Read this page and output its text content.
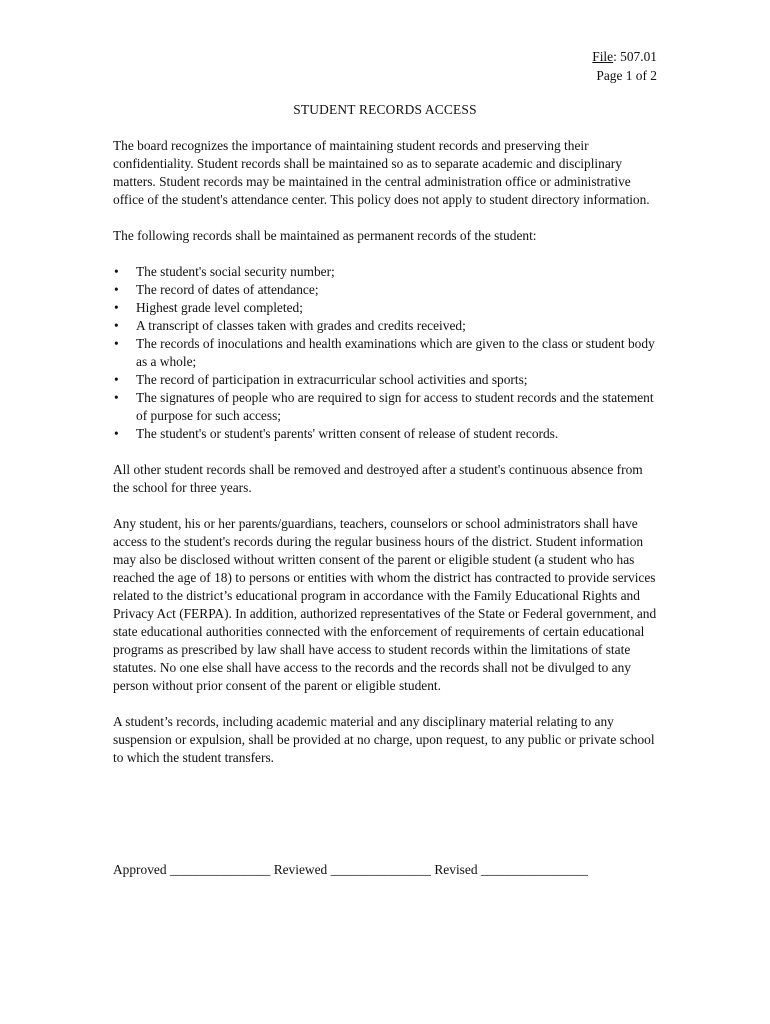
File: 507.01
Page 1 of 2
STUDENT RECORDS ACCESS

The board recognizes the importance of maintaining student records and preserving their confidentiality. Student records shall be maintained so as to separate academic and disciplinary matters. Student records may be maintained in the central administration office or administrative office of the student's attendance center. This policy does not apply to student directory information.

The following records shall be maintained as permanent records of the student:

• The student's social security number;
• The record of dates of attendance;
• Highest grade level completed;
• A transcript of classes taken with grades and credits received;
• The records of inoculations and health examinations which are given to the class or student body as a whole;
• The record of participation in extracurricular school activities and sports;
• The signatures of people who are required to sign for access to student records and the statement of purpose for such access;
• The student's or student's parents' written consent of release of student records.

All other student records shall be removed and destroyed after a student's continuous absence from the school for three years.

Any student, his or her parents/guardians, teachers, counselors or school administrators shall have access to the student's records during the regular business hours of the district. Student information may also be disclosed without written consent of the parent or eligible student (a student who has reached the age of 18) to persons or entities with whom the district has contracted to provide services related to the district’s educational program in accordance with the Family Educational Rights and Privacy Act (FERPA). In addition, authorized representatives of the State or Federal government, and state educational authorities connected with the enforcement of requirements of certain educational programs as prescribed by law shall have access to student records within the limitations of state statutes. No one else shall have access to the records and the records shall not be divulged to any person without prior consent of the parent or eligible student.

A student’s records, including academic material and any disciplinary material relating to any suspension or expulsion, shall be provided at no charge, upon request, to any public or private school to which the student transfers.

Approved _______________ Reviewed _______________ Revised ________________
